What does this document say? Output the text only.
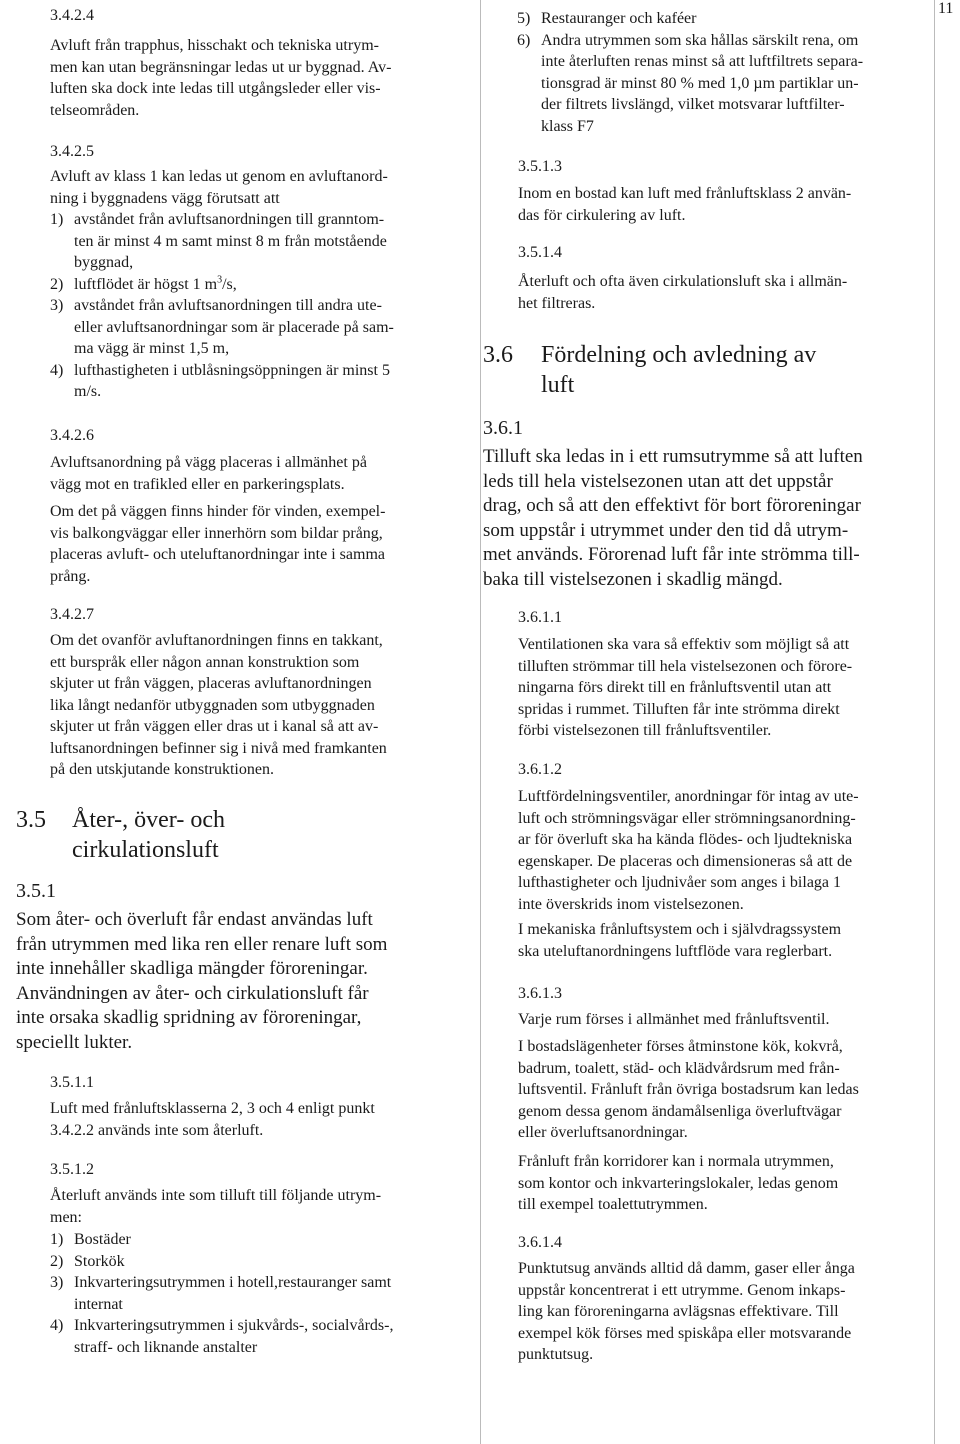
11
3.4.2.4
Avluft från trapphus, hisschakt och tekniska utrym-
men kan utan begränsningar ledas ut ur byggnad. Av-
luften ska dock inte ledas till utgångsleder eller vis-
telseområden.
3.4.2.5
Avluft av klass 1 kan ledas ut genom en avluftanord-
ning i byggnadens vägg förutsatt att
1) avståndet från avluftsanordningen till granntom-
ten är minst 4 m samt minst 8 m från motstående
byggnad,
2) luftflödet är högst 1 $m^3/s$,
3) avståndet från avluftsanordningen till andra ute-
eller avluftsanordningar som är placerade på sam-
ma vägg är minst 1,5 m,
4) lufthastigheten i utblåsningsöppningen är minst 5
m/s.
3.4.2.6
Avluftsanordning på vägg placeras i allmänhet på
vägg mot en trafikled eller en parkeringsplats.
Om det på väggen finns hinder för vinden, exempel-
vis balkongväggar eller innerhörn som bildar prång,
placeras avluft- och uteluftanordningar inte i samma
prång.
3.4.2.7
Om det ovanför avluftanordningen finns en takkant,
ett burspråk eller någon annan konstruktion som
skjuter ut från väggen, placeras avluftanordningen
lika långt nedanför utbyggnaden som utbyggnaden
skjuter ut från väggen eller dras ut i kanal så att av-
luftsanordningen befinner sig i nivå med framkanten
på den utskjutande konstruktionen.
3.5 Åter-, över- och
cirkulationsluft
3.5.1
Som åter- och överluft får endast användas luft
från utrymmen med lika ren eller renare luft som
inte innehåller skadliga mängder föroreningar.
Användningen av åter- och cirkulationsluft får
inte orsaka skadlig spridning av föroreningar,
speciellt lukter.
3.5.1.1
Luft med frånluftsklasserna 2, 3 och 4 enligt punkt
3.4.2.2 används inte som återluft.
3.5.1.2
Återluft används inte som tilluft till följande utrym-
men:
1) Bostäder
2) Storkök
3) Inkvarteringsutrymmen i hotell,restauranger samt
internat
4) Inkvarteringsutrymmen i sjukvårds-, socialvårds-,
straff- och liknande anstalter
5) Restauranger och kaféer
6) Andra utrymmen som ska hållas särskilt rena, om
inte återluften renas minst så att luftfiltrets separa-
tionsgrad är minst 80 % med 1,0 µm partiklar un-
der filtrets livslängd, vilket motsvarar luftfilter-
klass F7
3.5.1.3
Inom en bostad kan luft med frånluftsklass 2 använ-
das för cirkulering av luft.
3.5.1.4
Återluft och ofta även cirkulationsluft ska i allmän-
het filtreras.
3.6 Fördelning och avledning av
luft
3.6.1
Tilluft ska ledas in i ett rumsutrymme så att luften
leds till hela vistelsezonen utan att det uppstår
drag, och så att den effektivt för bort föroreningar
som uppstår i utrymmet under den tid då utrym-
met används. Förorenad luft får inte strömma till-
baka till vistelsezonen i skadlig mängd.
3.6.1.1
Ventilationen ska vara så effektiv som möjligt så att
tilluften strömmar till hela vistelsezonen och förore-
ningarna förs direkt till en frånluftsventil utan att
spridas i rummet. Tilluften får inte strömma direkt
förbi vistelsezonen till frånluftsventiler.
3.6.1.2
Luftfördelningsventiler, anordningar för intag av ute-
luft och strömningsvägar eller strömningsanordning-
ar för överluft ska ha kända flödes- och ljudtekniska
egenskaper. De placeras och dimensioneras så att de
lufthastigheter och ljudnivåer som anges i bilaga 1
inte överskrids inom vistelsezonen.
I mekaniska frånluftsystem och i självdragssystem
ska uteluftanordningens luftflöde vara reglerbart.
3.6.1.3
Varje rum förses i allmänhet med frånluftsventil.
I bostadslägenheter förses åtminstone kök, kokvrå,
badrum, toalett, städ- och klädvårdsrum med från-
luftsventil. Frånluft från övriga bostadsrum kan ledas
genom dessa genom ändamålsenliga överluftvägar
eller överluftsanordningar.
Frånluft från korridorer kan i normala utrymmen,
som kontor och inkvarteringslokaler, ledas genom
till exempel toalettutrymmen.
3.6.1.4
Punktutsug används alltid då damm, gaser eller ånga
uppstår koncentrerat i ett utrymme. Genom inkaps-
ling kan föroreningarna avlägsnas effektivare. Till
exempel kök förses med spiskåpa eller motsvarande
punktutsug.
